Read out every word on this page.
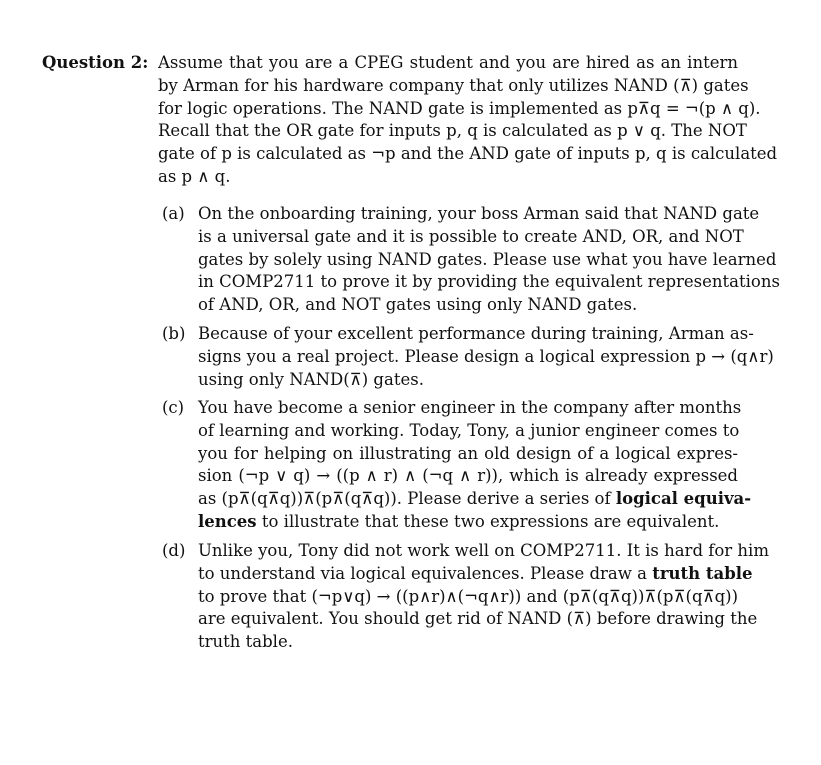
Question 2: Assume that you are a CPEG student and you are hired as an intern
by Arman for his hardware company that only utilizes NAND (⊼) gates
for logic operations. The NAND gate is implemented as p⊼q = ¬(p ∧ q).
Recall that the OR gate for inputs p, q is calculated as p ∨ q. The NOT
gate of p is calculated as ¬p and the AND gate of inputs p, q is calculated
as p ∧ q.
(a) On the onboarding training, your boss Arman said that NAND gate
is a universal gate and it is possible to create AND, OR, and NOT
gates by solely using NAND gates. Please use what you have learned
in COMP2711 to prove it by providing the equivalent representations
of AND, OR, and NOT gates using only NAND gates.
(b) Because of your excellent performance during training, Arman as-
signs you a real project. Please design a logical expression p → (q∧r)
using only NAND(⊼) gates.
(c) You have become a senior engineer in the company after months
of learning and working. Today, Tony, a junior engineer comes to
you for helping on illustrating an old design of a logical expres-
sion (¬p ∨ q) → ((p ∧ r) ∧ (¬q ∧ r)), which is already expressed
as (p⊼(q⊼q))⊼(p⊼(q⊼q)). Please derive a series of logical equiva-
lences to illustrate that these two expressions are equivalent.
(d) Unlike you, Tony did not work well on COMP2711. It is hard for him
to understand via logical equivalences. Please draw a truth table
to prove that (¬p∨q) → ((p∧r)∧(¬q∧r)) and (p⊼(q⊼q))⊼(p⊼(q⊼q))
are equivalent. You should get rid of NAND (⊼) before drawing the
truth table.
